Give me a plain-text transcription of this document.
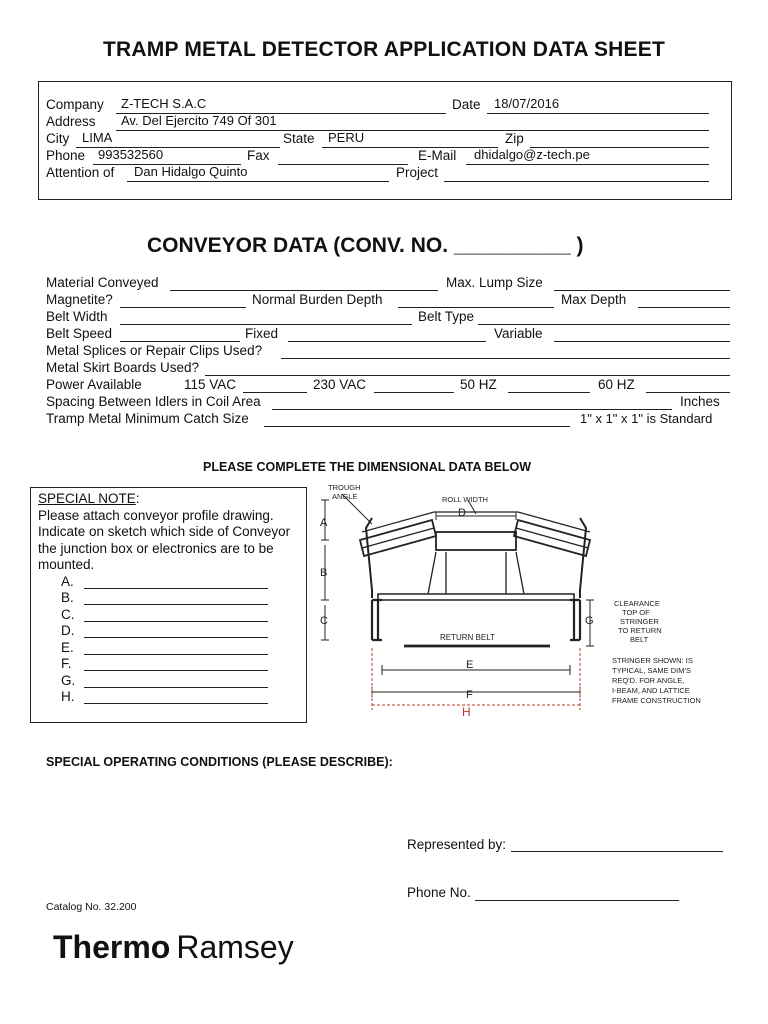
TRAMP METAL DETECTOR APPLICATION DATA SHEET
Company Z-TECH S.A.C	Date 18/07/2016
Address Av. Del Ejercito 749 Of 301
City LIMA	State PERU	Zip
Phone 993532560	Fax	E-Mail dhidalgo@z-tech.pe
Attention of Dan Hidalgo Quinto	Project
CONVEYOR DATA (CONV. NO. __________ )
Material Conveyed	Max. Lump Size
Magnetite?	Normal Burden Depth	Max Depth
Belt Width	Belt Type
Belt Speed	Fixed	Variable
Metal Splices or Repair Clips Used?
Metal Skirt Boards Used?
Power Available	115 VAC	230 VAC	50 HZ	60 HZ
Spacing Between Idlers in Coil Area	Inches
Tramp Metal Minimum Catch Size	1" x 1" x 1" is Standard
PLEASE COMPLETE THE DIMENSIONAL DATA BELOW
SPECIAL NOTE:
Please attach conveyor profile drawing.
Indicate on sketch which side of Conveyor
the junction box or electronics are to be
mounted.
A.
B.
C.
D.
E.
F.
G.
H.
TROUGH
ANGLE	ROLL WIDTH
D
A
B
C	G
E
F
H
RETURN BELT
CLEARANCE
TOP OF
STRINGER
TO RETURN
BELT
STRINGER SHOWN: IS
TYPICAL, SAME DIM'S
REQ'D. FOR ANGLE,
I-BEAM, AND LATTICE
FRAME CONSTRUCTION
SPECIAL OPERATING CONDITIONS (PLEASE DESCRIBE):
Represented by:
Phone No.
Catalog No. 32.200
Thermo Ramsey
